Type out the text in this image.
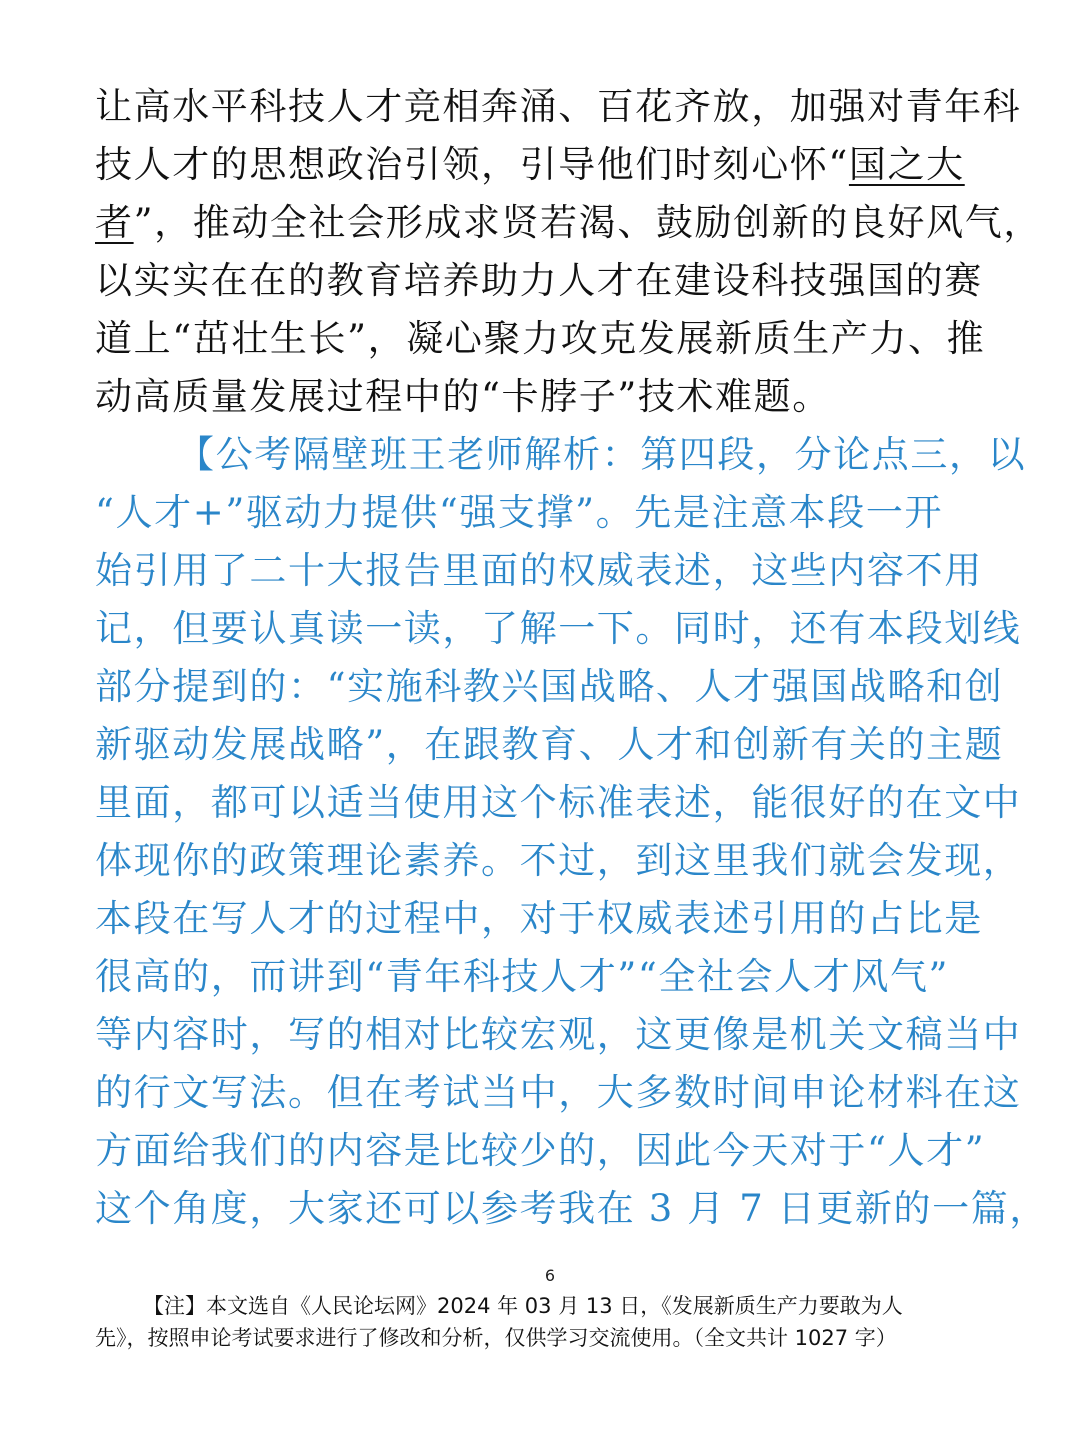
让高水平科技人才竞相奔涌、百花齐放，加强对青年科
技人才的思想政治引领，引导他们时刻心怀“国之大
者”，推动全社会形成求贤若渴、鼓励创新的良好风气，
以实实在在的教育培养助力人才在建设科技强国的赛
道上“茁壮生长”，凝心聚力攻克发展新质生产力、推
动高质量发展过程中的“卡脖子”技术难题。
【公考隔壁班王老师解析：第四段，分论点三，以
“人才+”驱动力提供“强支撑”。先是注意本段一开
始引用了二十大报告里面的权威表述，这些内容不用
记，但要认真读一读，了解一下。同时，还有本段划线
部分提到的：“实施科教兴国战略、人才强国战略和创
新驱动发展战略”，在跟教育、人才和创新有关的主题
里面，都可以适当使用这个标准表述，能很好的在文中
体现你的政策理论素养。不过，到这里我们就会发现，
本段在写人才的过程中，对于权威表述引用的占比是
很高的，而讲到“青年科技人才”“全社会人才风气”
等内容时，写的相对比较宏观，这更像是机关文稿当中
的行文写法。但在考试当中，大多数时间申论材料在这
方面给我们的内容是比较少的，因此今天对于“人才”
这个角度，大家还可以参考我在 3 月 7 日更新的一篇，
6
【注】本文选自《人民论坛网》2024 年 03 月 13 日，《发展新质生产力要敢为人
先》，按照申论考试要求进行了修改和分析，仅供学习交流使用。（全文共计 1027 字）
